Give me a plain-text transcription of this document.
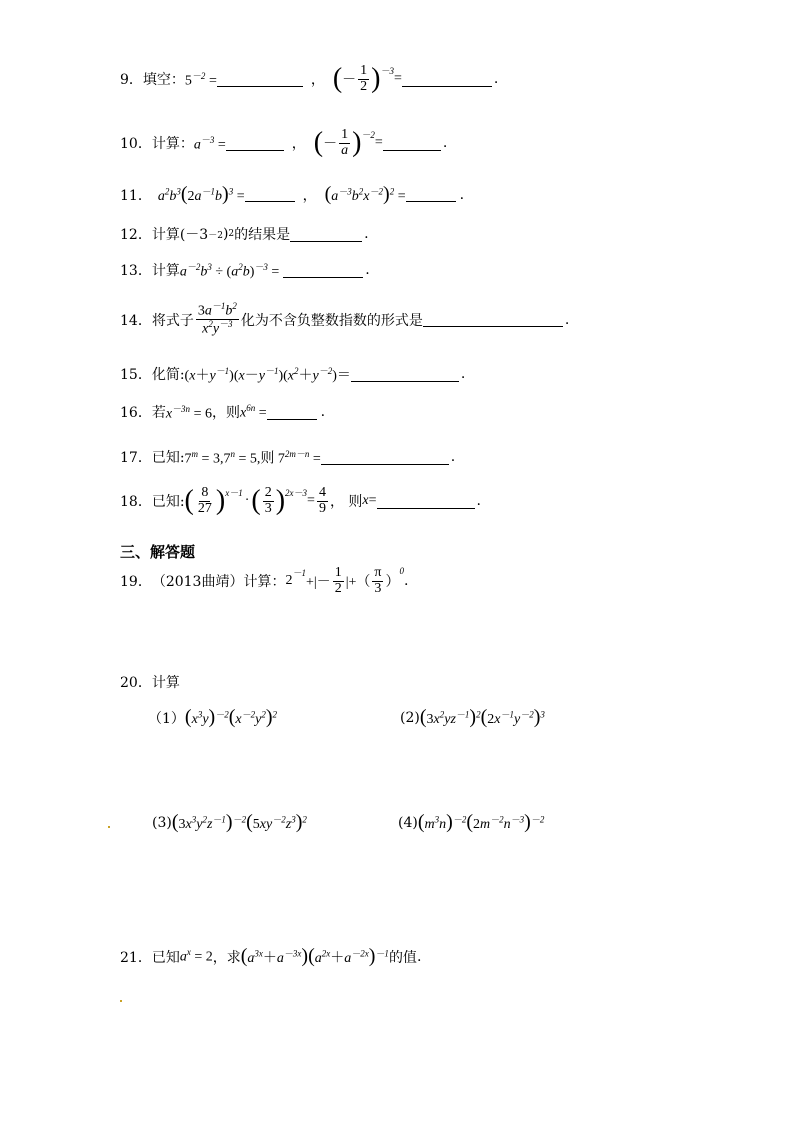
9． 填空： $5^{-2}$ =	， ( － $\frac{1}{2} )^{-3}$
=	.
10． 计算： $a^{-3}$ =	， ( － $\frac{1}{a} )^{-2}$
=	.
11． $a^2b^3(2a^{-1}b)^3$ =	， $(a^{-3}b^2x^{-2})^2$ =	.
12． 计算(－3 －2 ) 2 的结果是	.
13． 计算 $a^{-2}b^3 \div (a^2b)^{-3}$ =	.
14． 将式子 $\frac{3a^{-1}b^2}{x^2y^{-3}}$ 化为不含负整数指数的形式是	.
15． 化简: $(x+y^{-1})(x-y^{-1})(x^2+y^{-2})=$	.
16． 若 $x^{-3n} = 6$ ，则 $x^{6n}$ =	.
17． 已知: $7^m = 3,7^n = 5$,则 $7^{2m-n}$ =	.
18． 已知: ( $\frac{8}{27} )^{x-1}$
· ( $\frac{2}{3} )^{2x-3}$
= $\frac{4}{9}$ ， 则 x=	.
三、解答题
19． （2013曲靖）计算： 2
$^{-1}$
+|－ $\frac{1}{2}$ |+（ $\frac{\pi}{3}$ ）
$^0$
.
20． 计算
（1） $(x^3y)^{-2}(x^{-2}y^2)^2$	(2) $(3x^2yz^{-1})^2(2x^{-1}y^{-2})^3$
(3) $(3x^3y^2z^{-1})^{-2}(5xy^{-2}z^3)^2$	(4) $(m^3n)^{-2}(2m^{-2}n^{-3})^{-2}$
21． 已知 $a^x = 2$ ，求 $(a^{3x}+a^{-3x})(a^{2x}+a^{-2x})^{-1}$ 的值 .
